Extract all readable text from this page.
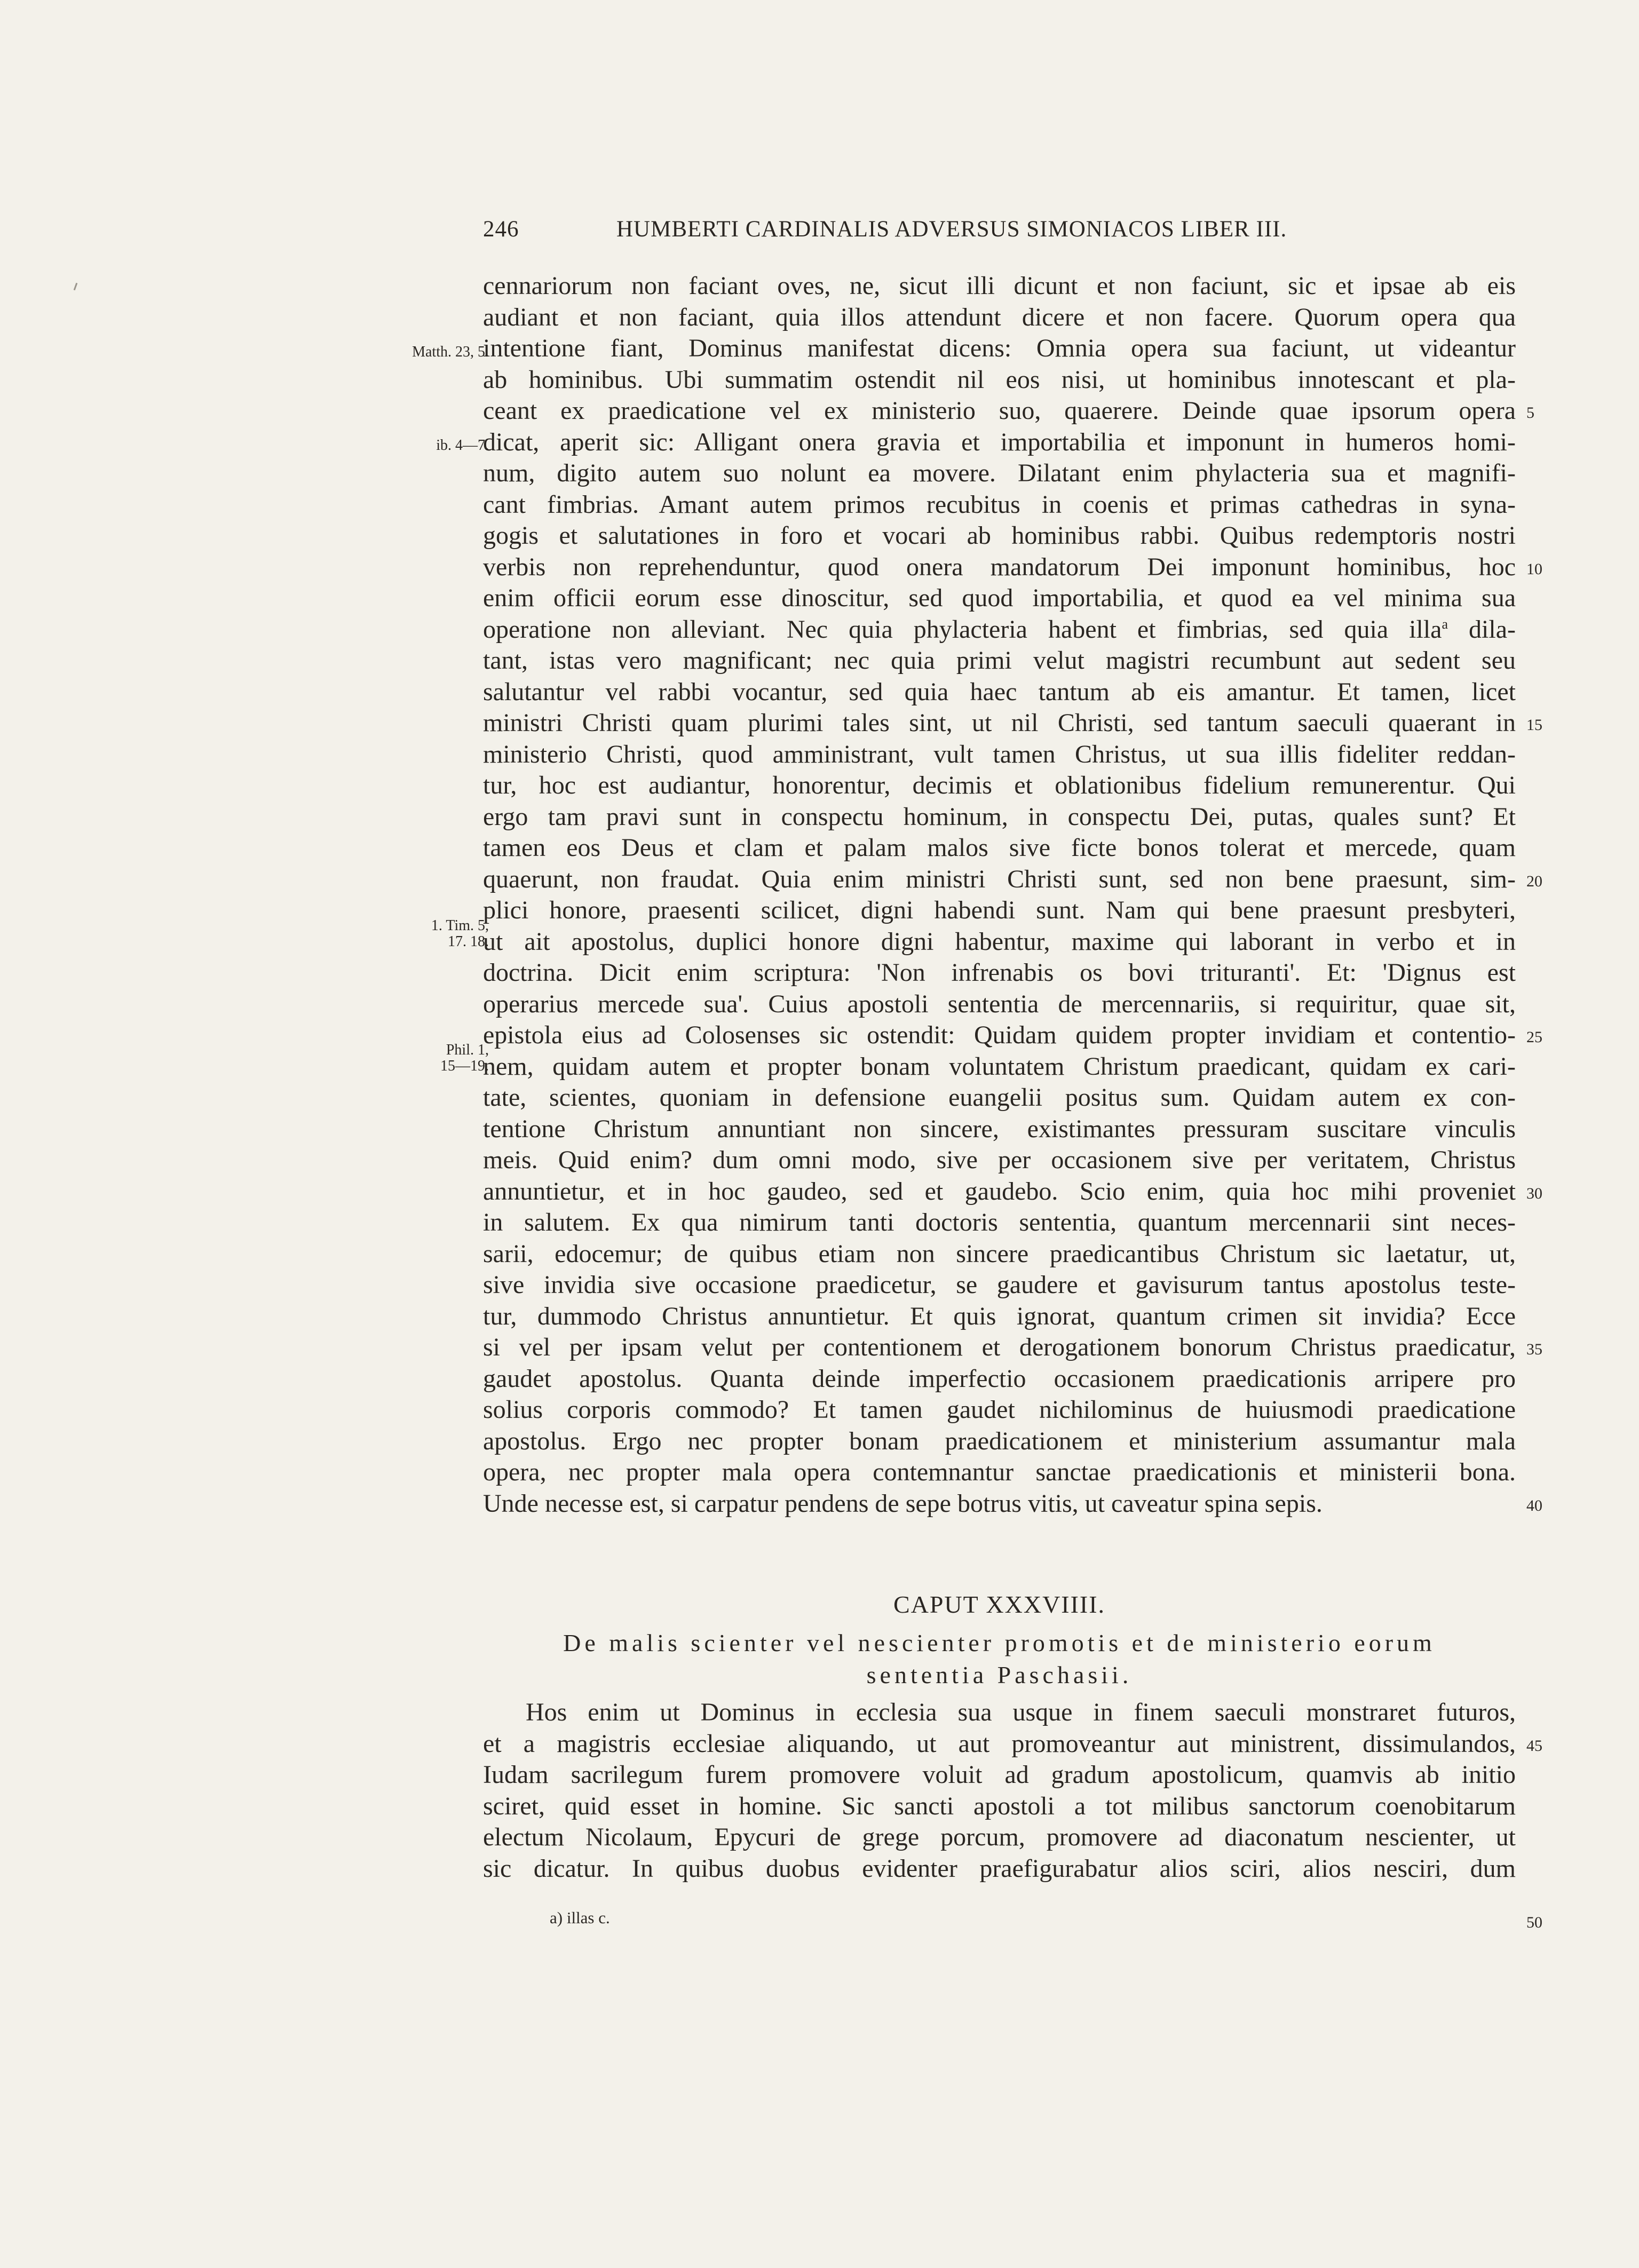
246	HUMBERTI CARDINALIS ADVERSUS SIMONIACOS LIBER III.
Matth. 23, 5.
ib. 4—7.
1. Tim. 5,
17. 18.
Phil. 1,
15—19.
cennariorum non faciant oves, ne, sicut illi dicunt et non faciunt, sic et ipsae ab eis
audiant et non faciant, quia illos attendunt dicere et non facere. Quorum opera qua
intentione fiant, Dominus manifestat dicens: Omnia opera sua faciunt, ut videantur
ab hominibus. Ubi summatim ostendit nil eos nisi, ut hominibus innotescant et pla-
ceant ex praedicatione vel ex ministerio suo, quaerere. Deinde quae ipsorum opera 5
dicat, aperit sic: Alligant onera gravia et importabilia et imponunt in humeros homi-
num, digito autem suo nolunt ea movere. Dilatant enim phylacteria sua et magnifi-
cant fimbrias. Amant autem primos recubitus in coenis et primas cathedras in syna-
gogis et salutationes in foro et vocari ab hominibus rabbi. Quibus redemptoris nostri
verbis non reprehenduntur, quod onera mandatorum Dei imponunt hominibus, hoc 10
enim officii eorum esse dinoscitur, sed quod importabilia, et quod ea vel minima sua
operatione non alleviant. Nec quia phylacteria habent et fimbrias, sed quia illa$^a$ dila-
tant, istas vero magnificant; nec quia primi velut magistri recumbunt aut sedent seu
salutantur vel rabbi vocantur, sed quia haec tantum ab eis amantur. Et tamen, licet
ministri Christi quam plurimi tales sint, ut nil Christi, sed tantum saeculi quaerant in 15
ministerio Christi, quod amministrant, vult tamen Christus, ut sua illis fideliter reddan-
tur, hoc est audiantur, honorentur, decimis et oblationibus fidelium remunerentur. Qui
ergo tam pravi sunt in conspectu hominum, in conspectu Dei, putas, quales sunt? Et
tamen eos Deus et clam et palam malos sive ficte bonos tolerat et mercede, quam
quaerunt, non fraudat. Quia enim ministri Christi sunt, sed non bene praesunt, sim- 20
plici honore, praesenti scilicet, digni habendi sunt. Nam qui bene praesunt presbyteri,
ut ait apostolus, duplici honore digni habentur, maxime qui laborant in verbo et in
doctrina. Dicit enim scriptura: 'Non infrenabis os bovi trituranti'. Et: 'Dignus est
operarius mercede sua'. Cuius apostoli sententia de mercennariis, si requiritur, quae sit,
epistola eius ad Colosenses sic ostendit: Quidam quidem propter invidiam et contentio- 25
nem, quidam autem et propter bonam voluntatem Christum praedicant, quidam ex cari-
tate, scientes, quoniam in defensione euangelii positus sum. Quidam autem ex con-
tentione Christum annuntiant non sincere, existimantes pressuram suscitare vinculis
meis. Quid enim? dum omni modo, sive per occasionem sive per veritatem, Christus
annuntietur, et in hoc gaudeo, sed et gaudebo. Scio enim, quia hoc mihi proveniet 30
in salutem. Ex qua nimirum tanti doctoris sententia, quantum mercennarii sint neces-
sarii, edocemur; de quibus etiam non sincere praedicantibus Christum sic laetatur, ut,
sive invidia sive occasione praedicetur, se gaudere et gavisurum tantus apostolus teste-
tur, dummodo Christus annuntietur. Et quis ignorat, quantum crimen sit invidia? Ecce
si vel per ipsam velut per contentionem et derogationem bonorum Christus praedicatur, 35
gaudet apostolus. Quanta deinde imperfectio occasionem praedicationis arripere pro
solius corporis commodo? Et tamen gaudet nichilominus de huiusmodi praedicatione
apostolus. Ergo nec propter bonam praedicationem et ministerium assumantur mala
opera, nec propter mala opera contemnantur sanctae praedicationis et ministerii bona.
Unde necesse est, si carpatur pendens de sepe botrus vitis, ut caveatur spina sepis.	40
CAPUT XXXVIIII.
De malis scienter vel nescienter promotis et de ministerio eorum
sententia Paschasii.
Hos enim ut Dominus in ecclesia sua usque in finem saeculi monstraret futuros,
et a magistris ecclesiae aliquando, ut aut promoveantur aut ministrent, dissimulandos, 45
Iudam sacrilegum furem promovere voluit ad gradum apostolicum, quamvis ab initio
sciret, quid esset in homine. Sic sancti apostoli a tot milibus sanctorum coenobitarum
electum Nicolaum, Epycuri de grege porcum, promovere ad diaconatum nescienter, ut
sic dicatur. In quibus duobus evidenter praefigurabatur alios sciri, alios nesciri, dum
a) illas c.	50
